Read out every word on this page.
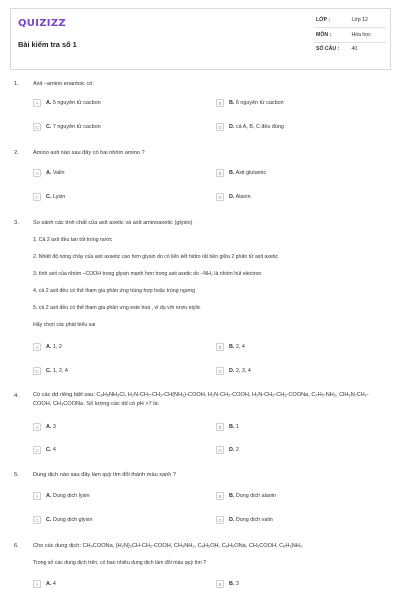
QUIZIZZ
Bài kiểm tra số 1
LỚP :	Lớp 12
MÔN :	Hóa học
SỐ CÂU : 40
1.	Axit –amino enantoic có:
A	A. 5 nguyên tử cacbon	B	B. 6 nguyên tử cacbon
C	C. 7 nguyên tử cacbon	D	D. cả A, B, C đều đúng
2.	Amino axit nào sau đây có hai nhóm amino ?
A	A. Valin	B	B. Axit glutamic
C	C. Lysin	D	D. Alanin
3.	So sánh các tính chất của axit axetic và axit aminoaxetic (glysin)
1. Cả 2 axit đều tan tốt trong nước
2. Nhiệt độ nóng chảy của axit axsetic cao hơn glysin do có liên kết hidro rất bền giữa 2 phân tử axit axetic
3. tính axit của nhóm –COOH trong glysin mạnh hơn trong axit axetic do –NH₂ là nhóm hút electron
4. cả 2 axit đều có thể tham gia phản ứng trùng hợp hoặc trùng ngưng
5. cả 2 axit đều có thể tham gia phản ưng este hoá , ví dụ với rượu etylic
Hãy chọn các phát biểu sai
A	A. 1, 2	B	B. 2, 4
C	C. 1, 2, 4	D	D. 2, 3, 4
4.	Có các dd riêng biệt sau: C₆H₅NH₃Cl, H₂N-CH₂-CH₂-CH(NH₂)-COOH, H₂N-CH₂-COOH, H₂N-CH₂-CH₂-COONa, C₂H₅-NH₂, ClH₃N-CH₂-COOH, CH₃COONa. Số lượng các dd có pH >7 là:
A	A. 3	B	B. 1
C	C. 4	D	D. 2
5.	Dung dịch nào sau đây làm quỳ tím đổi thành màu xanh ?
A	A. Dung dịch lysin	B	B. Dung dịch alanin
C	C. Dung dịch glyxin	D	D. Dung dịch valin
6.	Cho các dung dịch: CH₃COONa, (H₂N)₂CH-CH₂-COOH, CH₃NH₂, C₆H₅OH, C₆H₅ONa, CH₃COOH, C₆H₅NH₂.
Trong số các dung dịch trên, có bao nhiêu dung dịch làm đổi màu quỳ tím ?
A	A. 4	B	B. 3
